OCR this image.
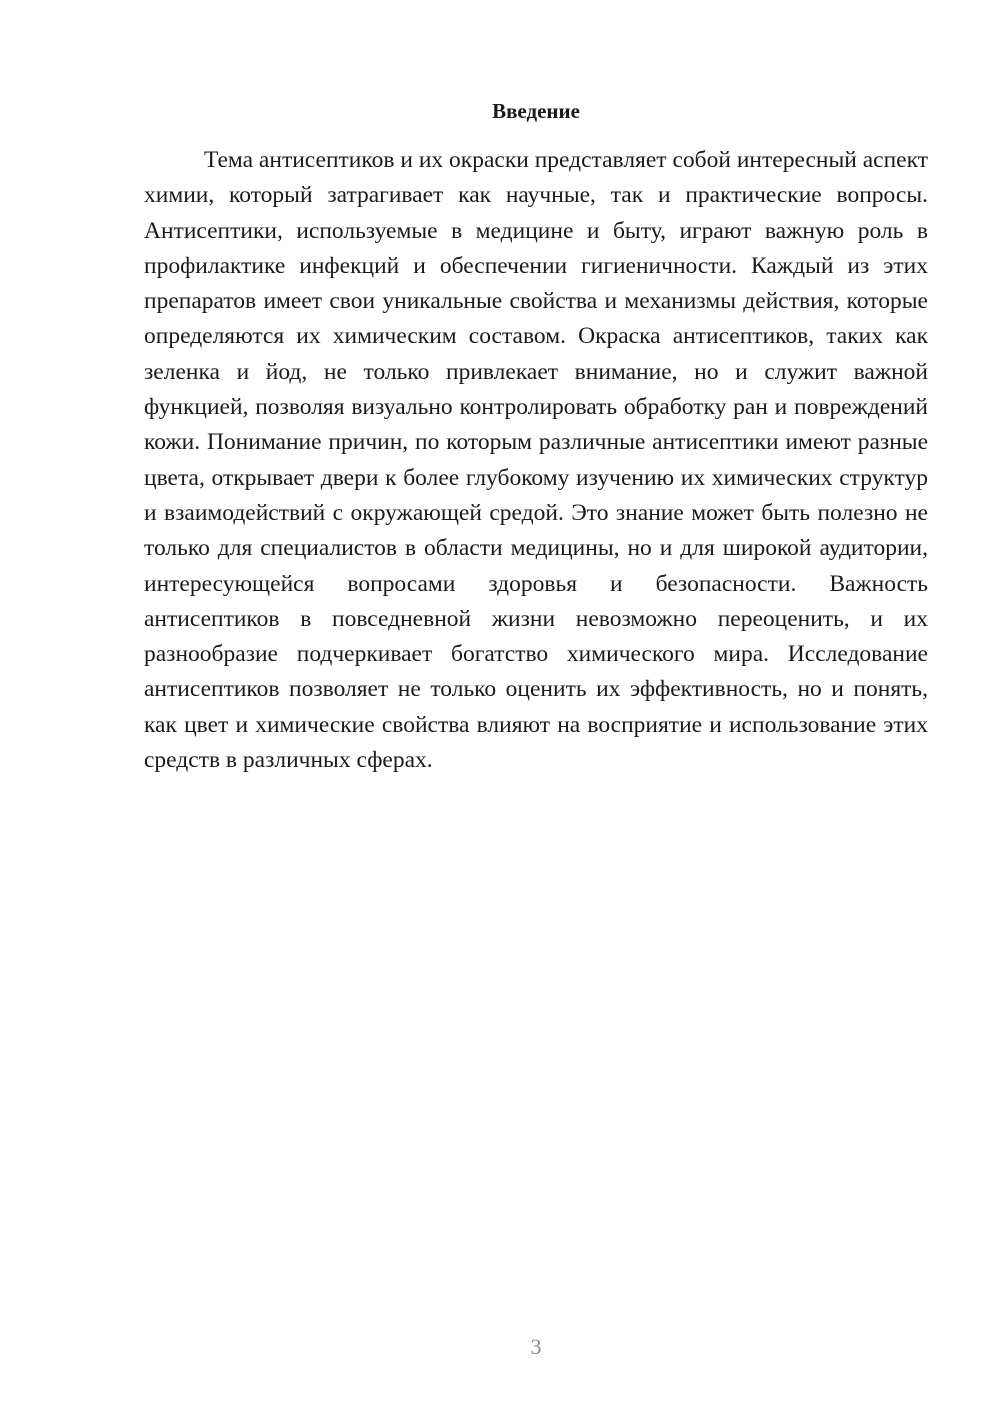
Введение

Тема антисептиков и их окраски представляет собой интересный аспект химии, который затрагивает как научные, так и практические вопросы. Антисептики, используемые в медицине и быту, играют важную роль в профилактике инфекций и обеспечении гигиеничности. Каждый из этих препаратов имеет свои уникальные свойства и механизмы действия, которые определяются их химическим составом. Окраска антисептиков, таких как зеленка и йод, не только привлекает внимание, но и служит важной функцией, позволяя визуально контролировать обработку ран и повреждений кожи. Понимание причин, по которым различные антисептики имеют разные цвета, открывает двери к более глубокому изучению их химических структур и взаимодействий с окружающей средой. Это знание может быть полезно не только для специалистов в области медицины, но и для широкой аудитории, интересующейся вопросами здоровья и безопасности. Важность антисептиков в повседневной жизни невозможно переоценить, и их разнообразие подчеркивает богатство химического мира. Исследование антисептиков позволяет не только оценить их эффективность, но и понять, как цвет и химические свойства влияют на восприятие и использование этих средств в различных сферах.

3
